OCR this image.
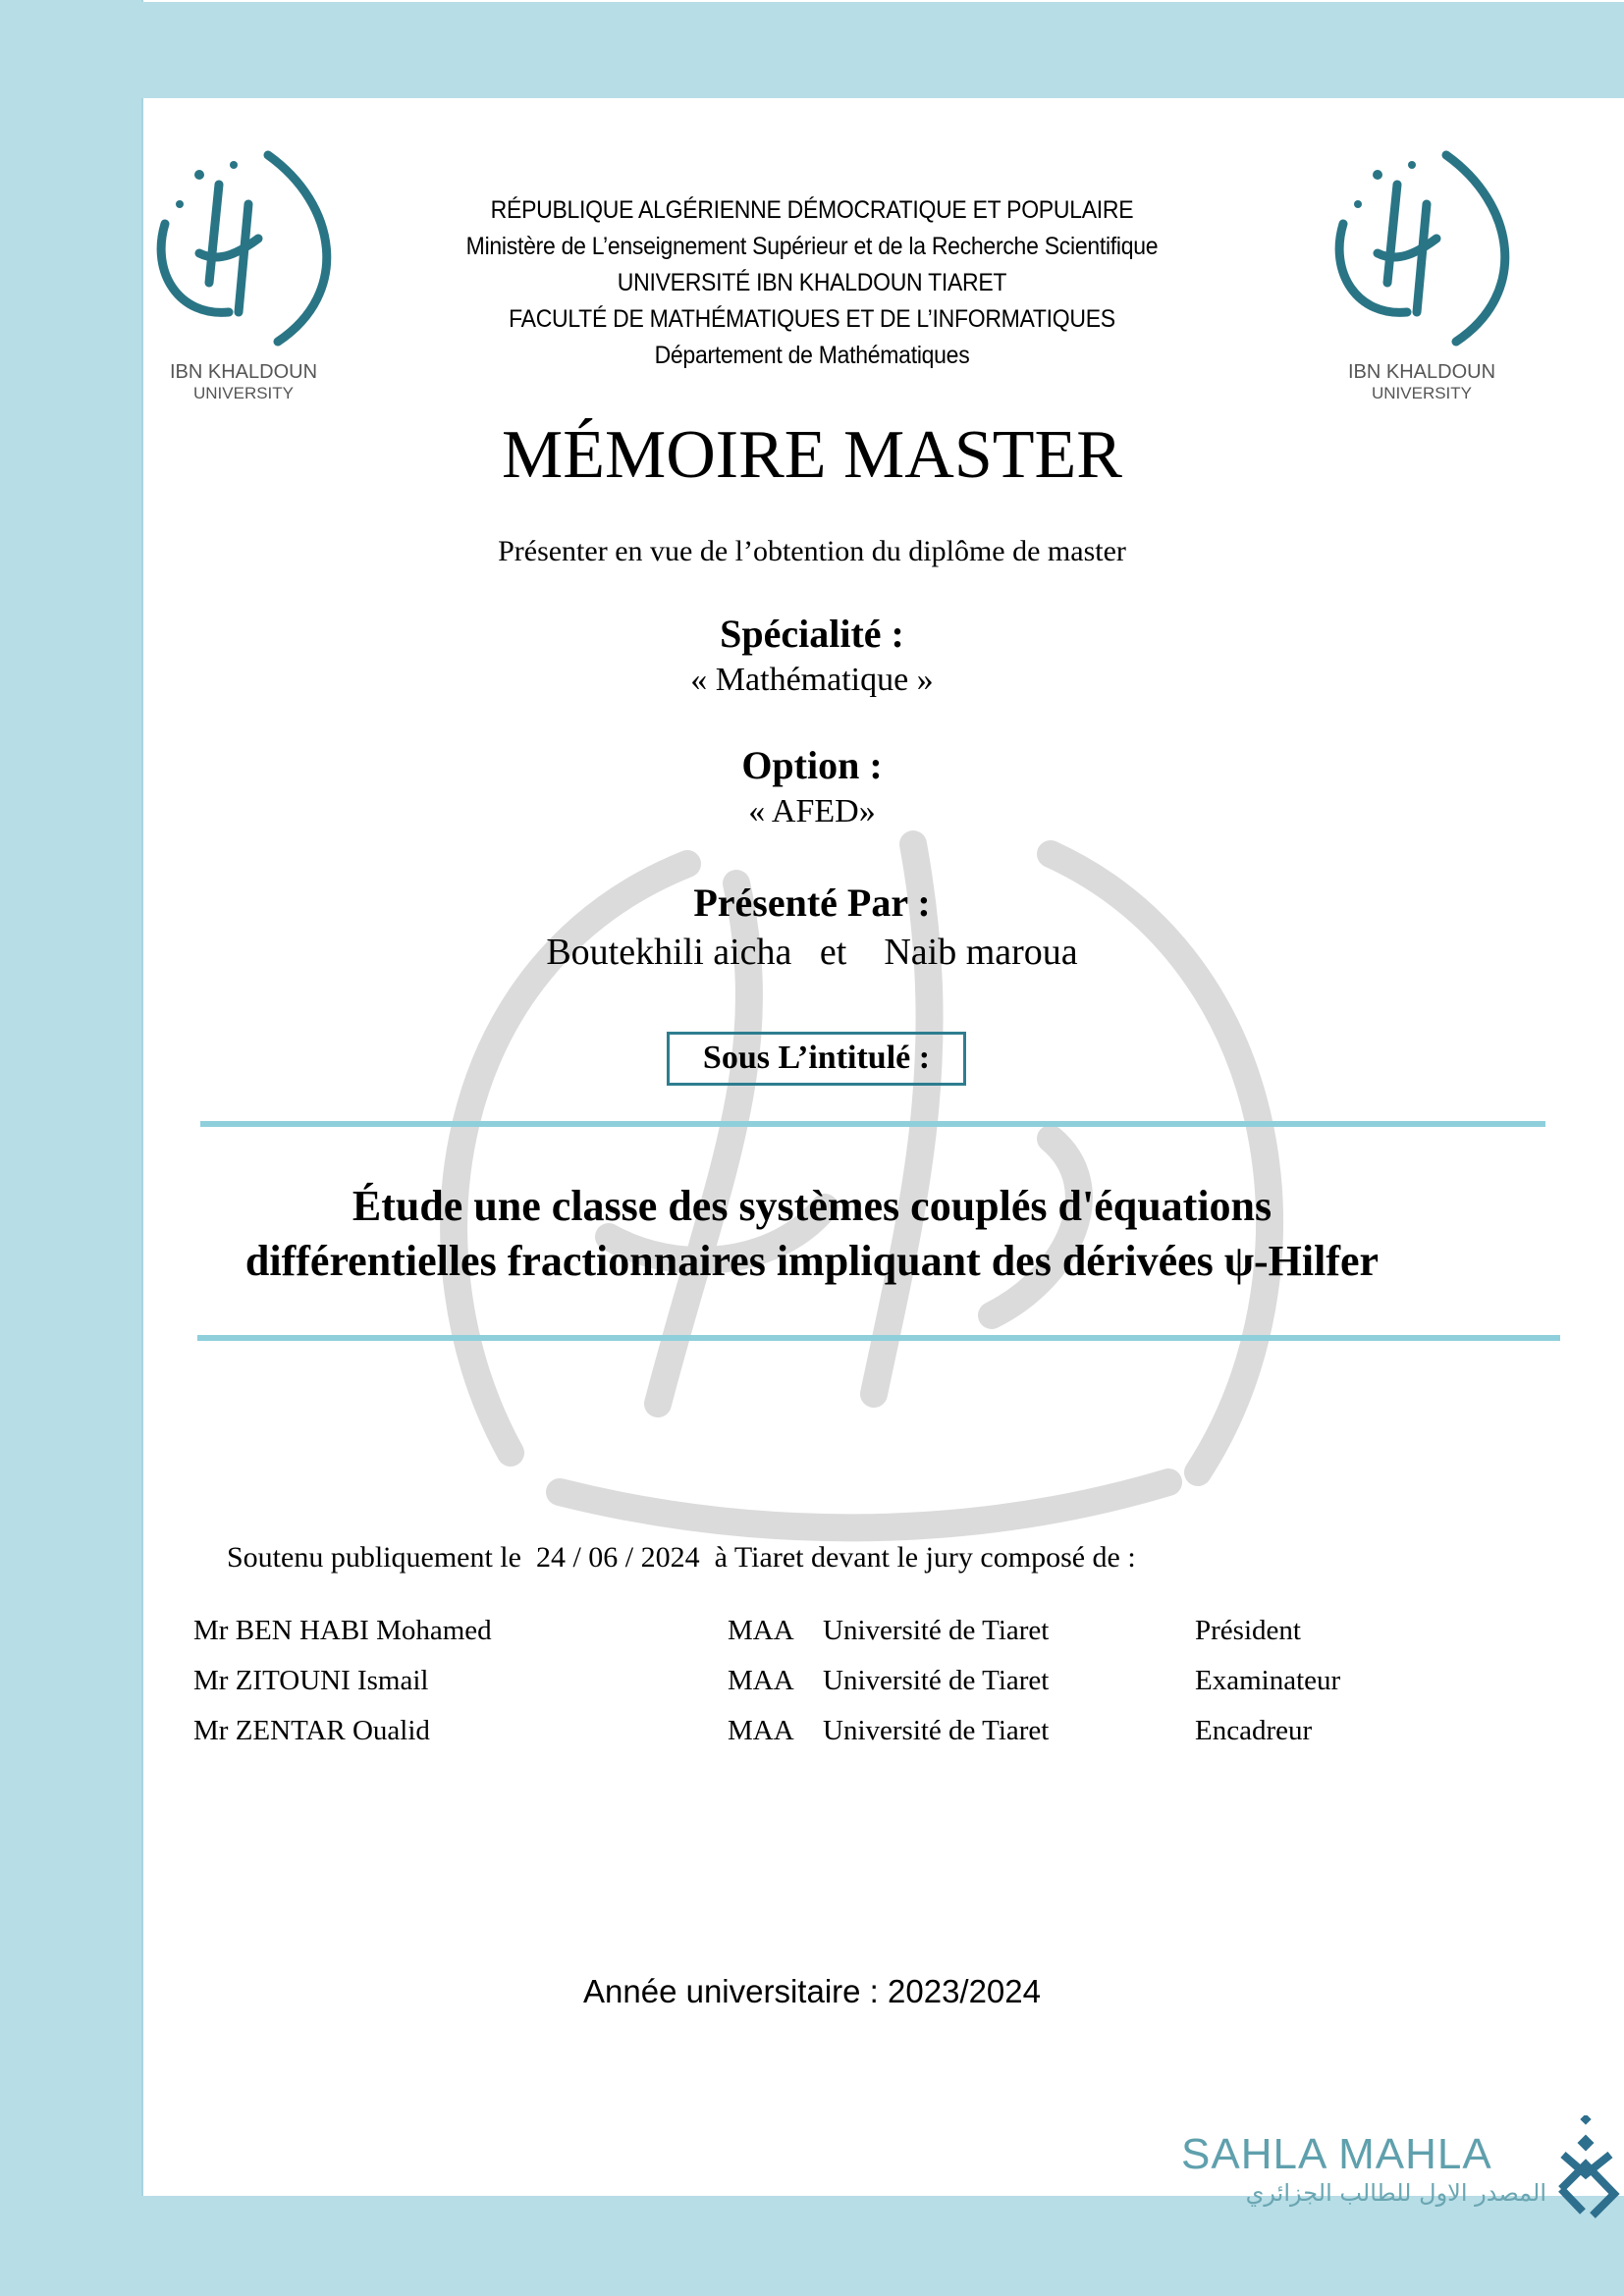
IBN KHALDOUN
UNIVERSITY
IBN KHALDOUN
UNIVERSITY
RÉPUBLIQUE ALGÉRIENNE DÉMOCRATIQUE ET POPULAIRE
Ministère de L’enseignement Supérieur et de la Recherche Scientifique
UNIVERSITÉ IBN KHALDOUN TIARET
FACULTÉ DE MATHÉMATIQUES ET DE L’INFORMATIQUES
Département de Mathématiques
MÉMOIRE MASTER
Présenter en vue de l’obtention du diplôme de master
Spécialité :
« Mathématique »
Option :
« AFED»
Présenté Par :
Boutekhili aicha et Naib maroua
Sous L’intitulé :
Étude une classe des systèmes couplés d'équations
différentielles fractionnaires impliquant des dérivées ψ-Hilfer
Soutenu publiquement le 24 / 06 / 2024 à Tiaret devant le jury composé de :
Mr BEN HABI Mohamed	MAA Université de Tiaret	Président
Mr ZITOUNI Ismail	MAA Université de Tiaret	Examinateur
Mr ZENTAR Oualid	MAA Université de Tiaret	Encadreur
Année universitaire : 2023/2024
SAHLA MAHLA
المصدر الاول للطالب الجزائري
